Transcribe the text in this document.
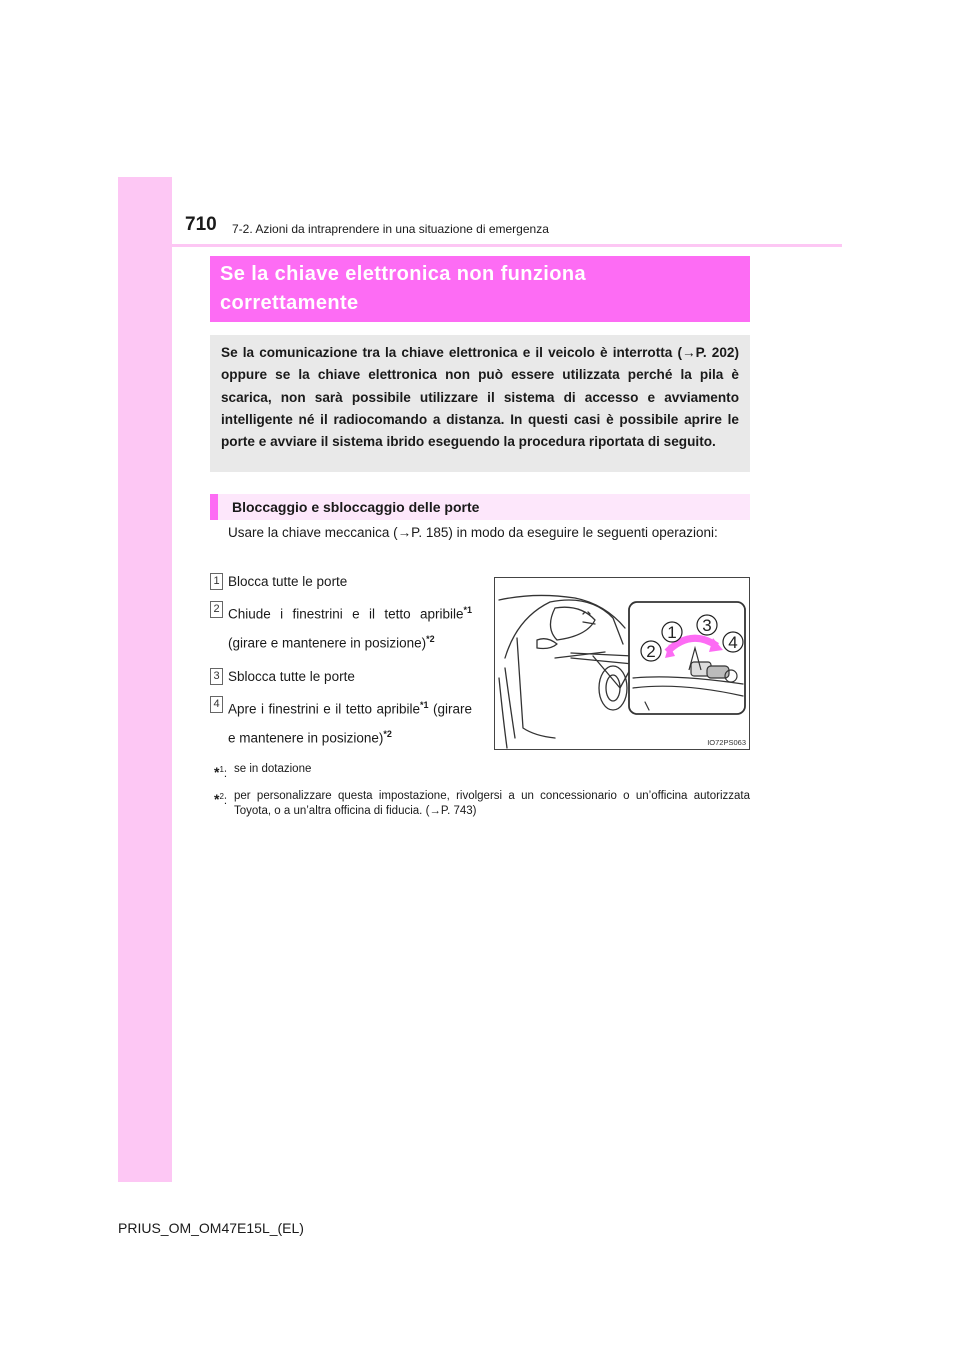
710 7-2. Azioni da intraprendere in una situazione di emergenza
Se la chiave elettronica non funziona
correttamente
Se la comunicazione tra la chiave elettronica e il veicolo è interrotta (→P. 202) oppure se la chiave elettronica non può essere utilizzata perché la pila è scarica, non sarà possibile utilizzare il sistema di accesso e avviamento intelligente né il radiocomando a distanza. In questi casi è possibile aprire le porte e avviare il sistema ibrido eseguendo la procedura riportata di seguito.
Bloccaggio e sbloccaggio delle porte
Usare la chiave meccanica (→P. 185) in modo da eseguire le seguenti operazioni:
1 Blocca tutte le porte
2 Chiude i finestrini e il tetto apribile$^{*1}$ (girare e mantenere in posizione)$^{*2}$
3 Sblocca tutte le porte
4 Apre i finestrini e il tetto apribile$^{*1}$ (girare e mantenere in posizione)$^{*2}$
1
2
3
4
IO72PS063
*$^1$: se in dotazione
*$^2$: per personalizzare questa impostazione, rivolgersi a un concessionario o un’officina autorizzata Toyota, o a un’altra officina di fiducia. (→P. 743)
PRIUS_OM_OM47E15L_(EL)
